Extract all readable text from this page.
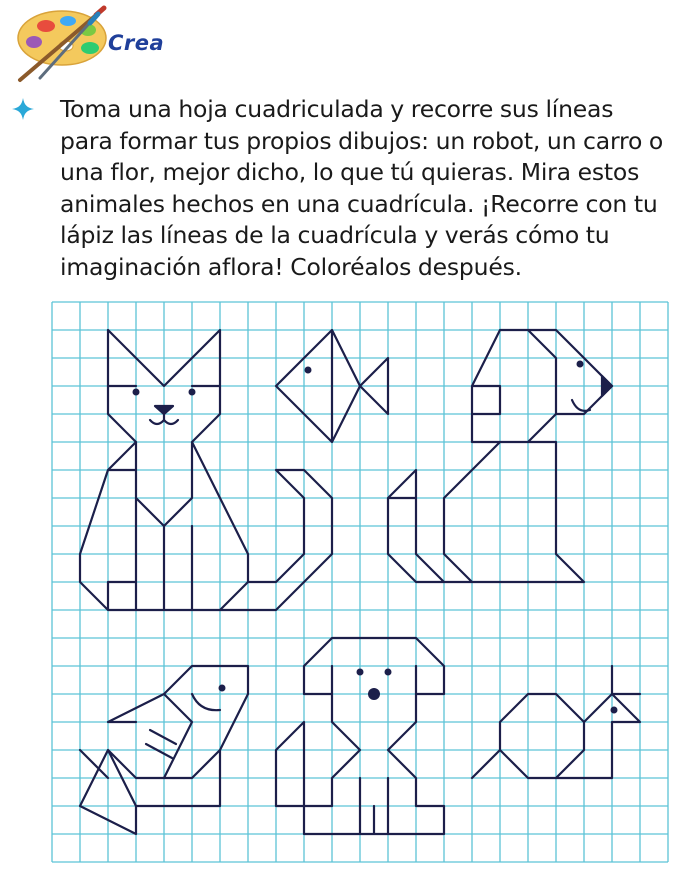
Crea

Toma una hoja cuadriculada y recorre sus líneas para formar tus propios dibujos: un robot, un carro o una flor, mejor dicho, lo que tú quieras. Mira estos animales hechos en una cuadrícula. ¡Recorre con tu lápiz las líneas de la cuadrícula y verás cómo tu imaginación aflora! Coloréalos después.
